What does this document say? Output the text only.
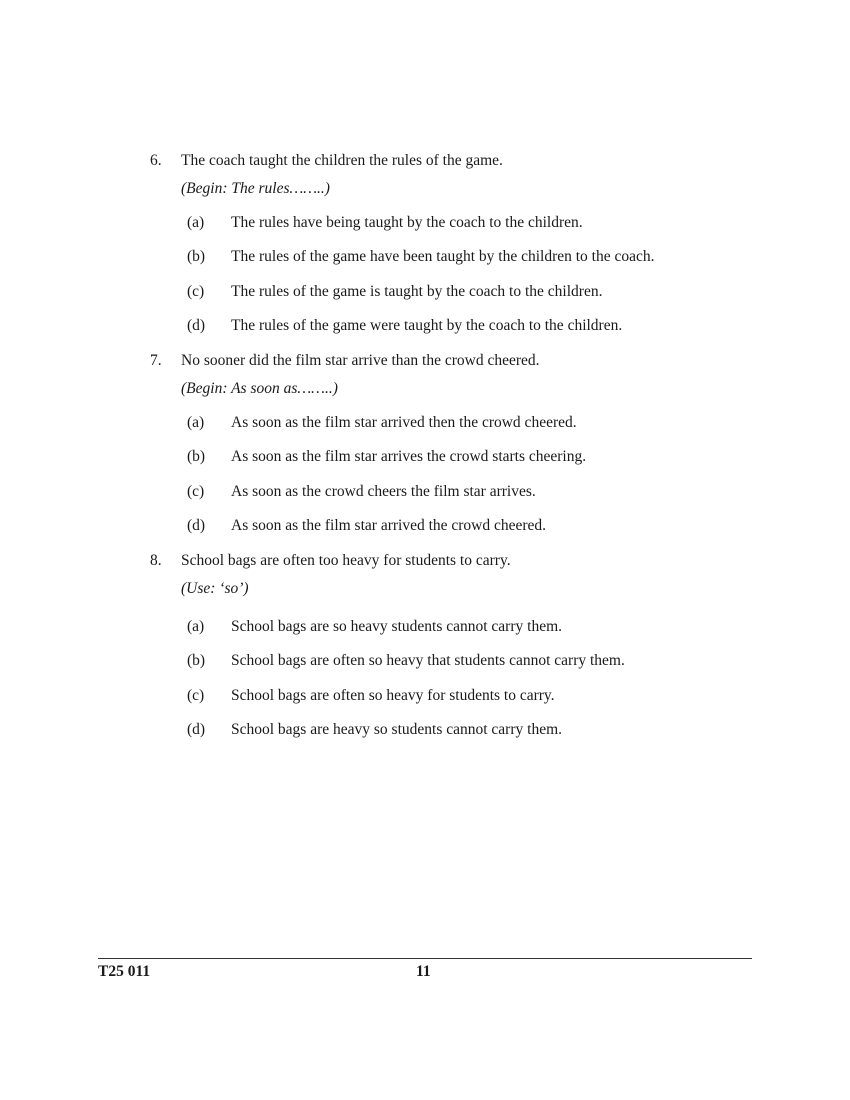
6. The coach taught the children the rules of the game.
(Begin: The rules……..)
(a) The rules have being taught by the coach to the children.
(b) The rules of the game have been taught by the children to the coach.
(c) The rules of the game is taught by the coach to the children.
(d) The rules of the game were taught by the coach to the children.
7. No sooner did the film star arrive than the crowd cheered.
(Begin: As soon as……..)
(a) As soon as the film star arrived then the crowd cheered.
(b) As soon as the film star arrives the crowd starts cheering.
(c) As soon as the crowd cheers the film star arrives.
(d) As soon as the film star arrived the crowd cheered.
8. School bags are often too heavy for students to carry.
(Use: ‘so’)
(a) School bags are so heavy students cannot carry them.
(b) School bags are often so heavy that students cannot carry them.
(c) School bags are often so heavy for students to carry.
(d) School bags are heavy so students cannot carry them.
T25 011	11
